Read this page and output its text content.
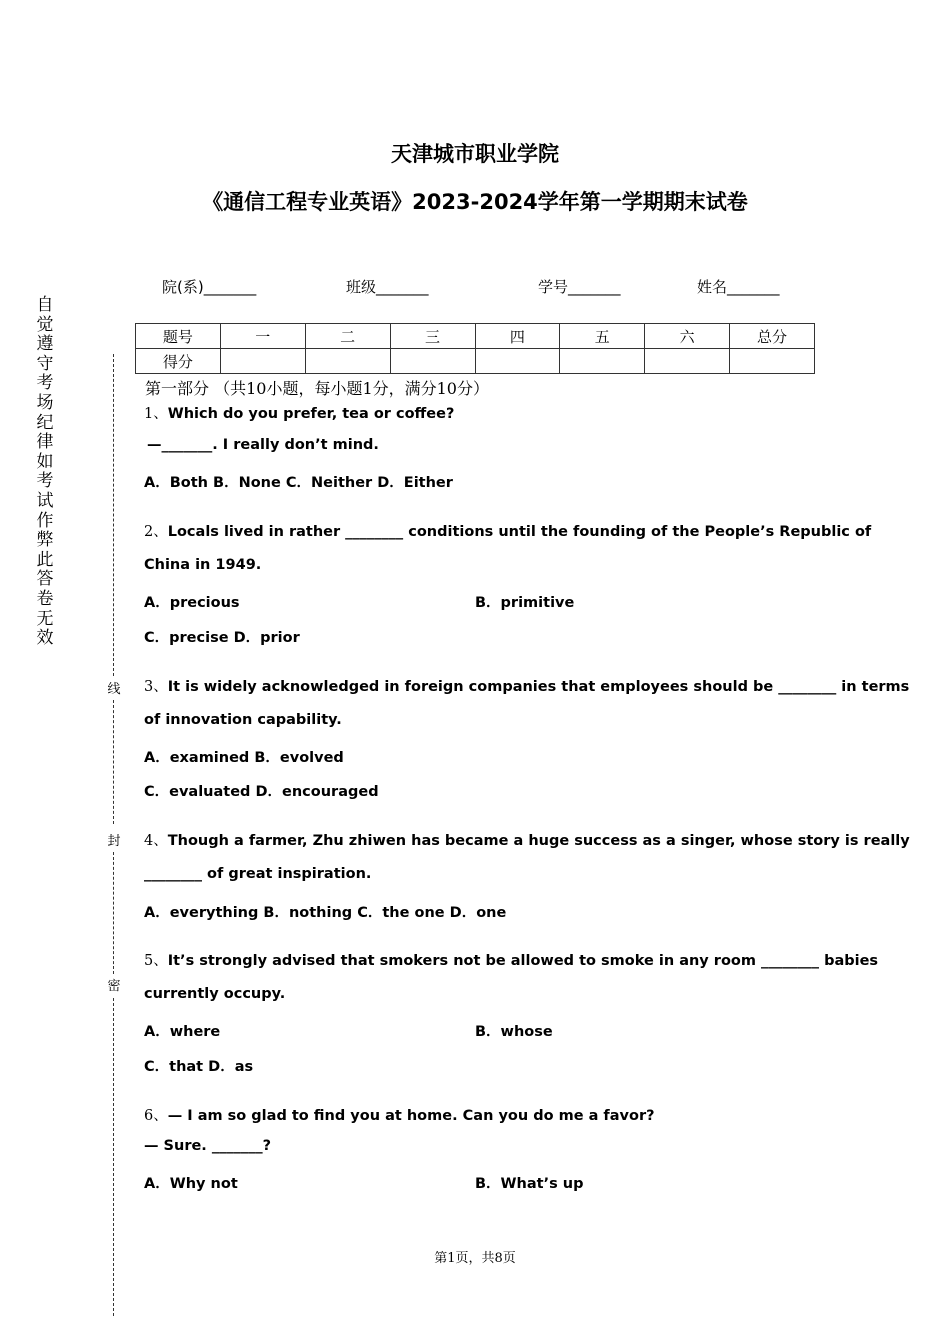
天津城市职业学院
《通信工程专业英语》2023-2024学年第一学期期末试卷
院(系)_______	班级_______	学号_______	姓名_______
题号	一	二	三	四	五	六	总分
得分							
自觉遵守考场纪律如考试作弊此答卷无效
线
封
密
第一部分 （共10小题，每小题1分，满分10分）
1、Which do you prefer, tea or coffee?
—_______. I really don’t mind.
A．Both B．None C．Neither D．Either
2、Locals lived in rather ________ conditions until the founding of the People’s Republic of
China in 1949.
A．precious	B．primitive
C．precise D．prior
3、It is widely acknowledged in foreign companies that employees should be ________ in terms
of innovation capability.
A．examined B．evolved
C．evaluated D．encouraged
4、Though a farmer, Zhu zhiwen has became a huge success as a singer, whose story is really
________ of great inspiration.
A．everything B．nothing C．the one D．one
5、It’s strongly advised that smokers not be allowed to smoke in any room ________ babies
currently occupy.
A．where	B．whose
C．that D．as
6、— I am so glad to find you at home. Can you do me a favor?
— Sure. _______?
A．Why not	B．What’s up
第1页，共8页
